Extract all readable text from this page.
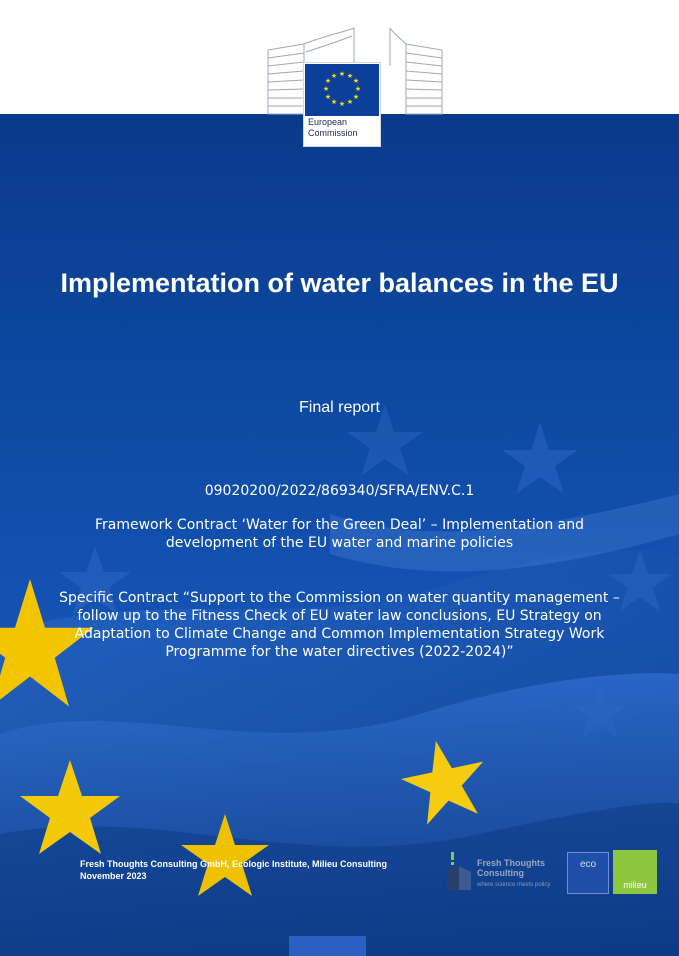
★ ★
★
★
★
★
★
★
★
★
★
★
European
Commission
Implementation of water balances in the EU
Final report
09020200/2022/869340/SFRA/ENV.C.1
Framework Contract ‘Water for the Green Deal’ – Implementation and development of the EU water and marine policies
Specific Contract “Support to the Commission on water quantity management – follow up to the Fitness Check of EU water law conclusions, EU Strategy on Adaptation to Climate Change and Common Implementation Strategy Work Programme for the water directives (2022-2024)”
Fresh Thoughts Consulting GmbH, Ecologic Institute, Milieu Consulting
November 2023
Fresh Thoughts Consulting
where science meets policy
eco
milieu
